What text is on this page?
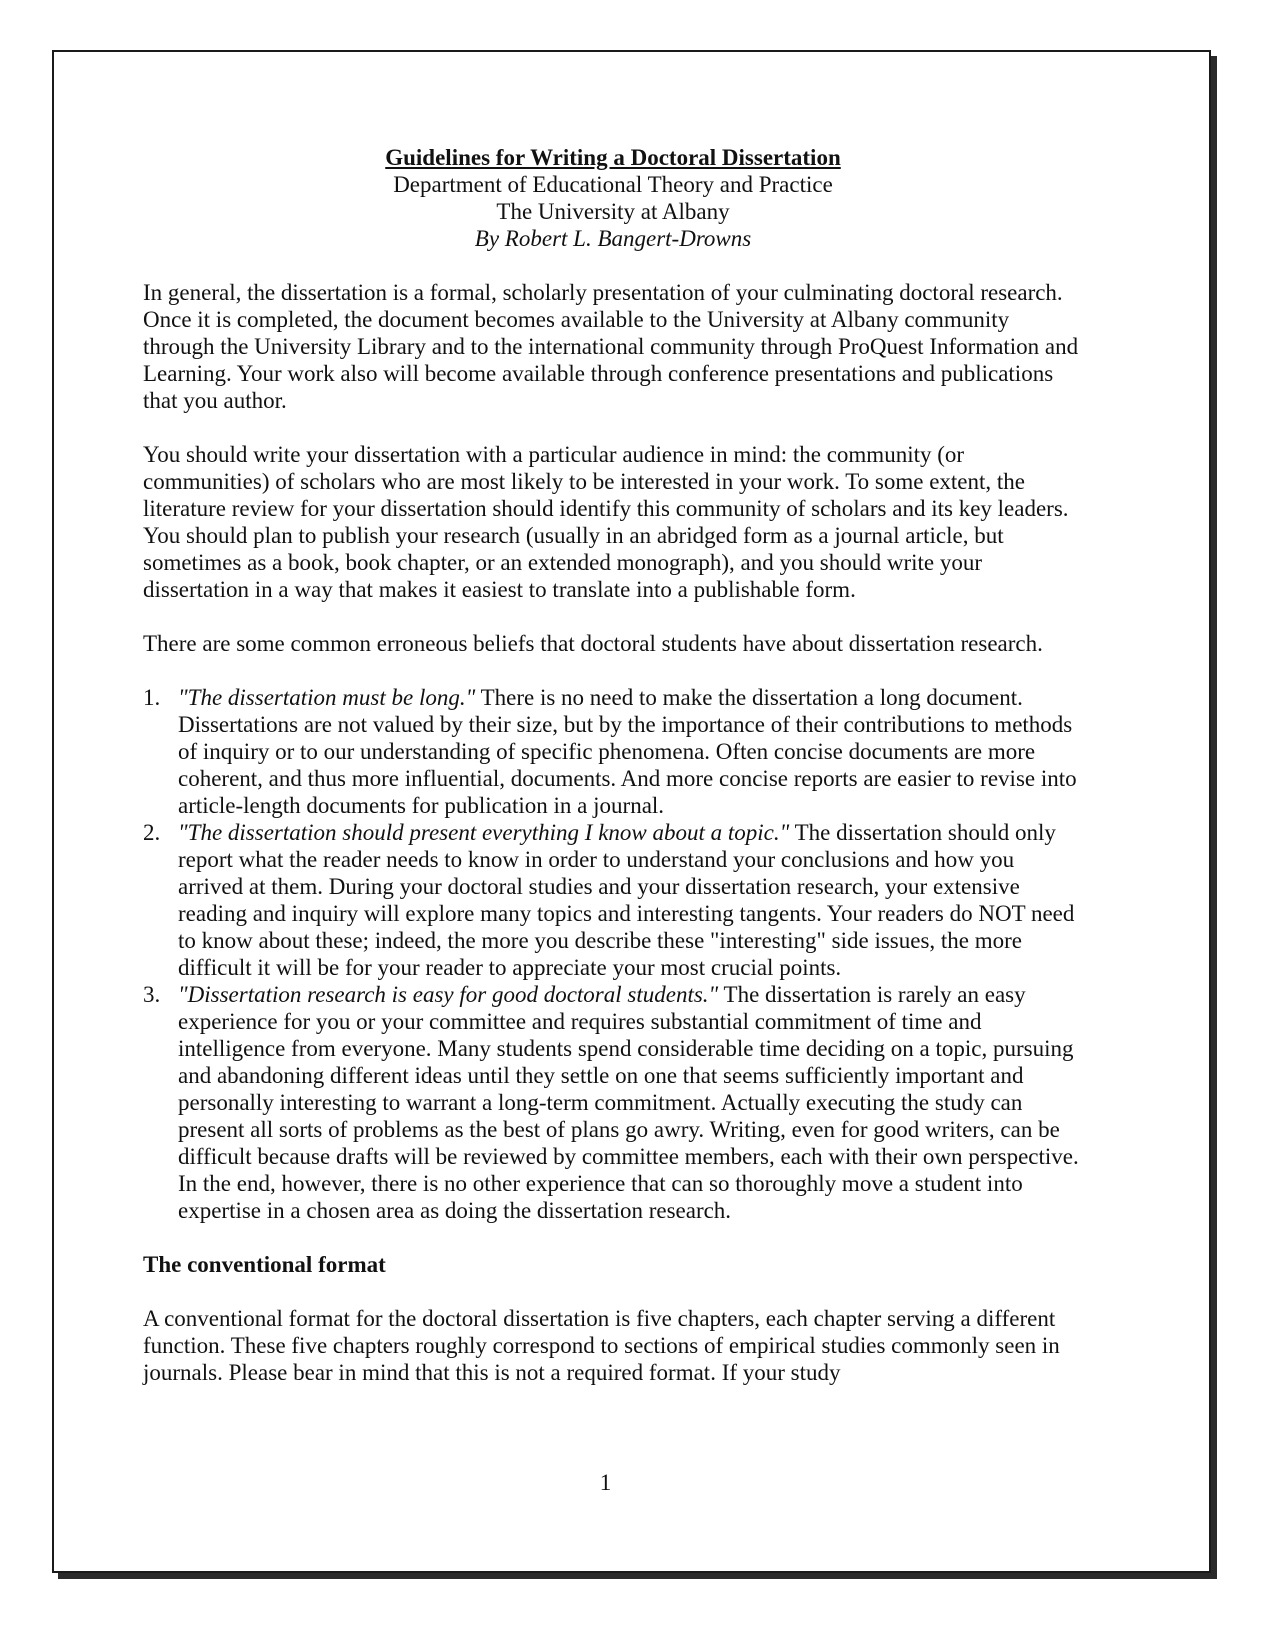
Guidelines for Writing a Doctoral Dissertation
Department of Educational Theory and Practice
The University at Albany
By Robert L. Bangert-Drowns

In general, the dissertation is a formal, scholarly presentation of your culminating doctoral research. Once it is completed, the document becomes available to the University at Albany community through the University Library and to the international community through ProQuest Information and Learning. Your work also will become available through conference presentations and publications that you author.

You should write your dissertation with a particular audience in mind: the community (or communities) of scholars who are most likely to be interested in your work. To some extent, the literature review for your dissertation should identify this community of scholars and its key leaders. You should plan to publish your research (usually in an abridged form as a journal article, but sometimes as a book, book chapter, or an extended monograph), and you should write your dissertation in a way that makes it easiest to translate into a publishable form.

There are some common erroneous beliefs that doctoral students have about dissertation research.

1. "The dissertation must be long." There is no need to make the dissertation a long document. Dissertations are not valued by their size, but by the importance of their contributions to methods of inquiry or to our understanding of specific phenomena. Often concise documents are more coherent, and thus more influential, documents. And more concise reports are easier to revise into article-length documents for publication in a journal.
2. "The dissertation should present everything I know about a topic." The dissertation should only report what the reader needs to know in order to understand your conclusions and how you arrived at them. During your doctoral studies and your dissertation research, your extensive reading and inquiry will explore many topics and interesting tangents. Your readers do NOT need to know about these; indeed, the more you describe these "interesting" side issues, the more difficult it will be for your reader to appreciate your most crucial points.
3. "Dissertation research is easy for good doctoral students." The dissertation is rarely an easy experience for you or your committee and requires substantial commitment of time and intelligence from everyone. Many students spend considerable time deciding on a topic, pursuing and abandoning different ideas until they settle on one that seems sufficiently important and personally interesting to warrant a long-term commitment. Actually executing the study can present all sorts of problems as the best of plans go awry. Writing, even for good writers, can be difficult because drafts will be reviewed by committee members, each with their own perspective. In the end, however, there is no other experience that can so thoroughly move a student into expertise in a chosen area as doing the dissertation research.
The conventional format

A conventional format for the doctoral dissertation is five chapters, each chapter serving a different function. These five chapters roughly correspond to sections of empirical studies commonly seen in journals. Please bear in mind that this is not a required format. If your study

1
